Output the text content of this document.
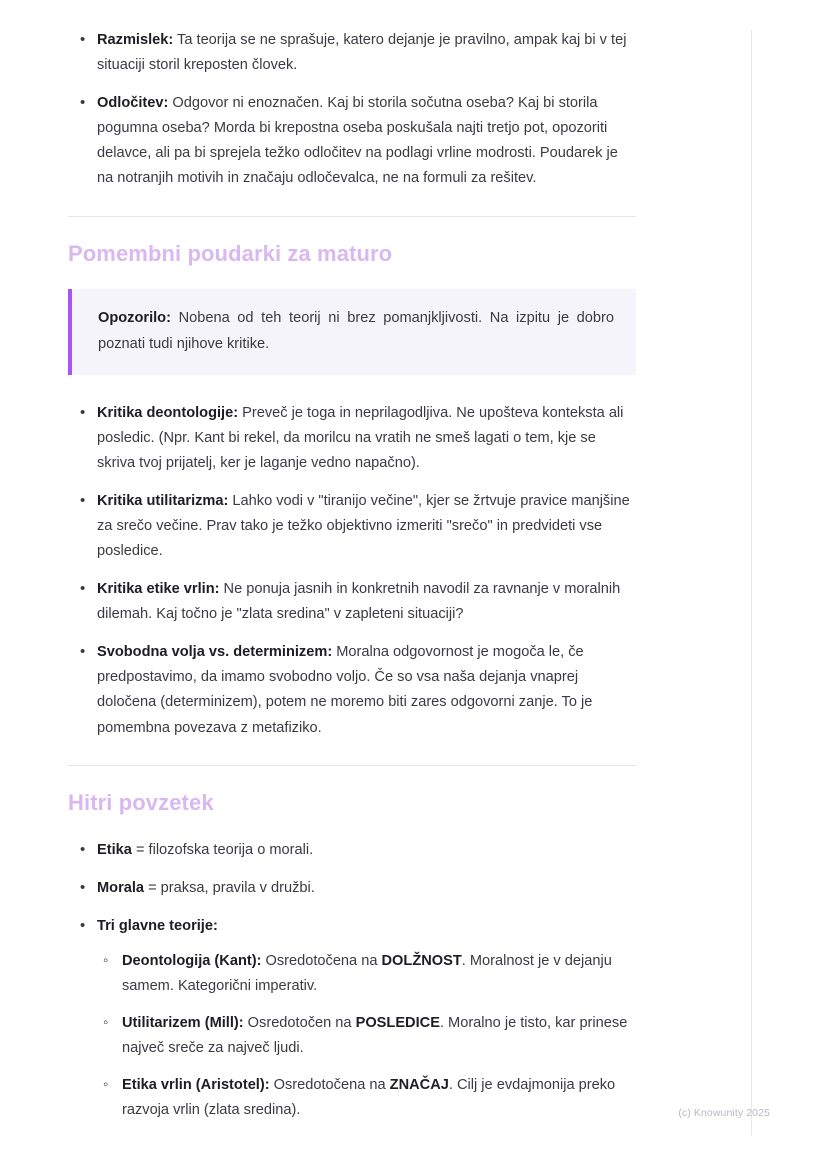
• Razmislek: Ta teorija se ne sprašuje, katero dejanje je pravilno, ampak kaj bi v tej situaciji storil kreposten človek.
• Odločitev: Odgovor ni enoznačen. Kaj bi storila sočutna oseba? Kaj bi storila pogumna oseba? Morda bi krepostna oseba poskušala najti tretjo pot, opozoriti delavce, ali pa bi sprejela težko odločitev na podlagi vrline modrosti. Poudarek je na notranjih motivih in značaju odločevalca, ne na formuli za rešitev.
Pomembni poudarki za maturo

Opozorilo: Nobena od teh teorij ni brez pomanjkljivosti. Na izpitu je dobro poznati tudi njihove kritike.

• Kritika deontologije: Preveč je toga in neprilagodljiva. Ne upošteva konteksta ali posledic. (Npr. Kant bi rekel, da morilcu na vratih ne smeš lagati o tem, kje se skriva tvoj prijatelj, ker je laganje vedno napačno).
• Kritika utilitarizma: Lahko vodi v "tiranijo večine", kjer se žrtvuje pravice manjšine za srečo večine. Prav tako je težko objektivno izmeriti "srečo" in predvideti vse posledice.
• Kritika etike vrlin: Ne ponuja jasnih in konkretnih navodil za ravnanje v moralnih dilemah. Kaj točno je "zlata sredina" v zapleteni situaciji?
• Svobodna volja vs. determinizem: Moralna odgovornost je mogoča le, če predpostavimo, da imamo svobodno voljo. Če so vsa naša dejanja vnaprej določena (determinizem), potem ne moremo biti zares odgovorni zanje. To je pomembna povezava z metafiziko.
Hitri povzetek
• Etika = filozofska teorija o morali.
• Morala = praksa, pravila v družbi.
• Tri glavne teorije:
◦ Deontologija (Kant): Osredotočena na DOLŽNOST. Moralnost je v dejanju samem. Kategorični imperativ.
◦ Utilitarizem (Mill): Osredotočen na POSLEDICE. Moralno je tisto, kar prinese največ sreče za največ ljudi.
◦ Etika vrlin (Aristotel): Osredotočena na ZNAČAJ. Cilj je evdajmonija preko razvoja vrlin (zlata sredina).	(c) Knowunity 2025
